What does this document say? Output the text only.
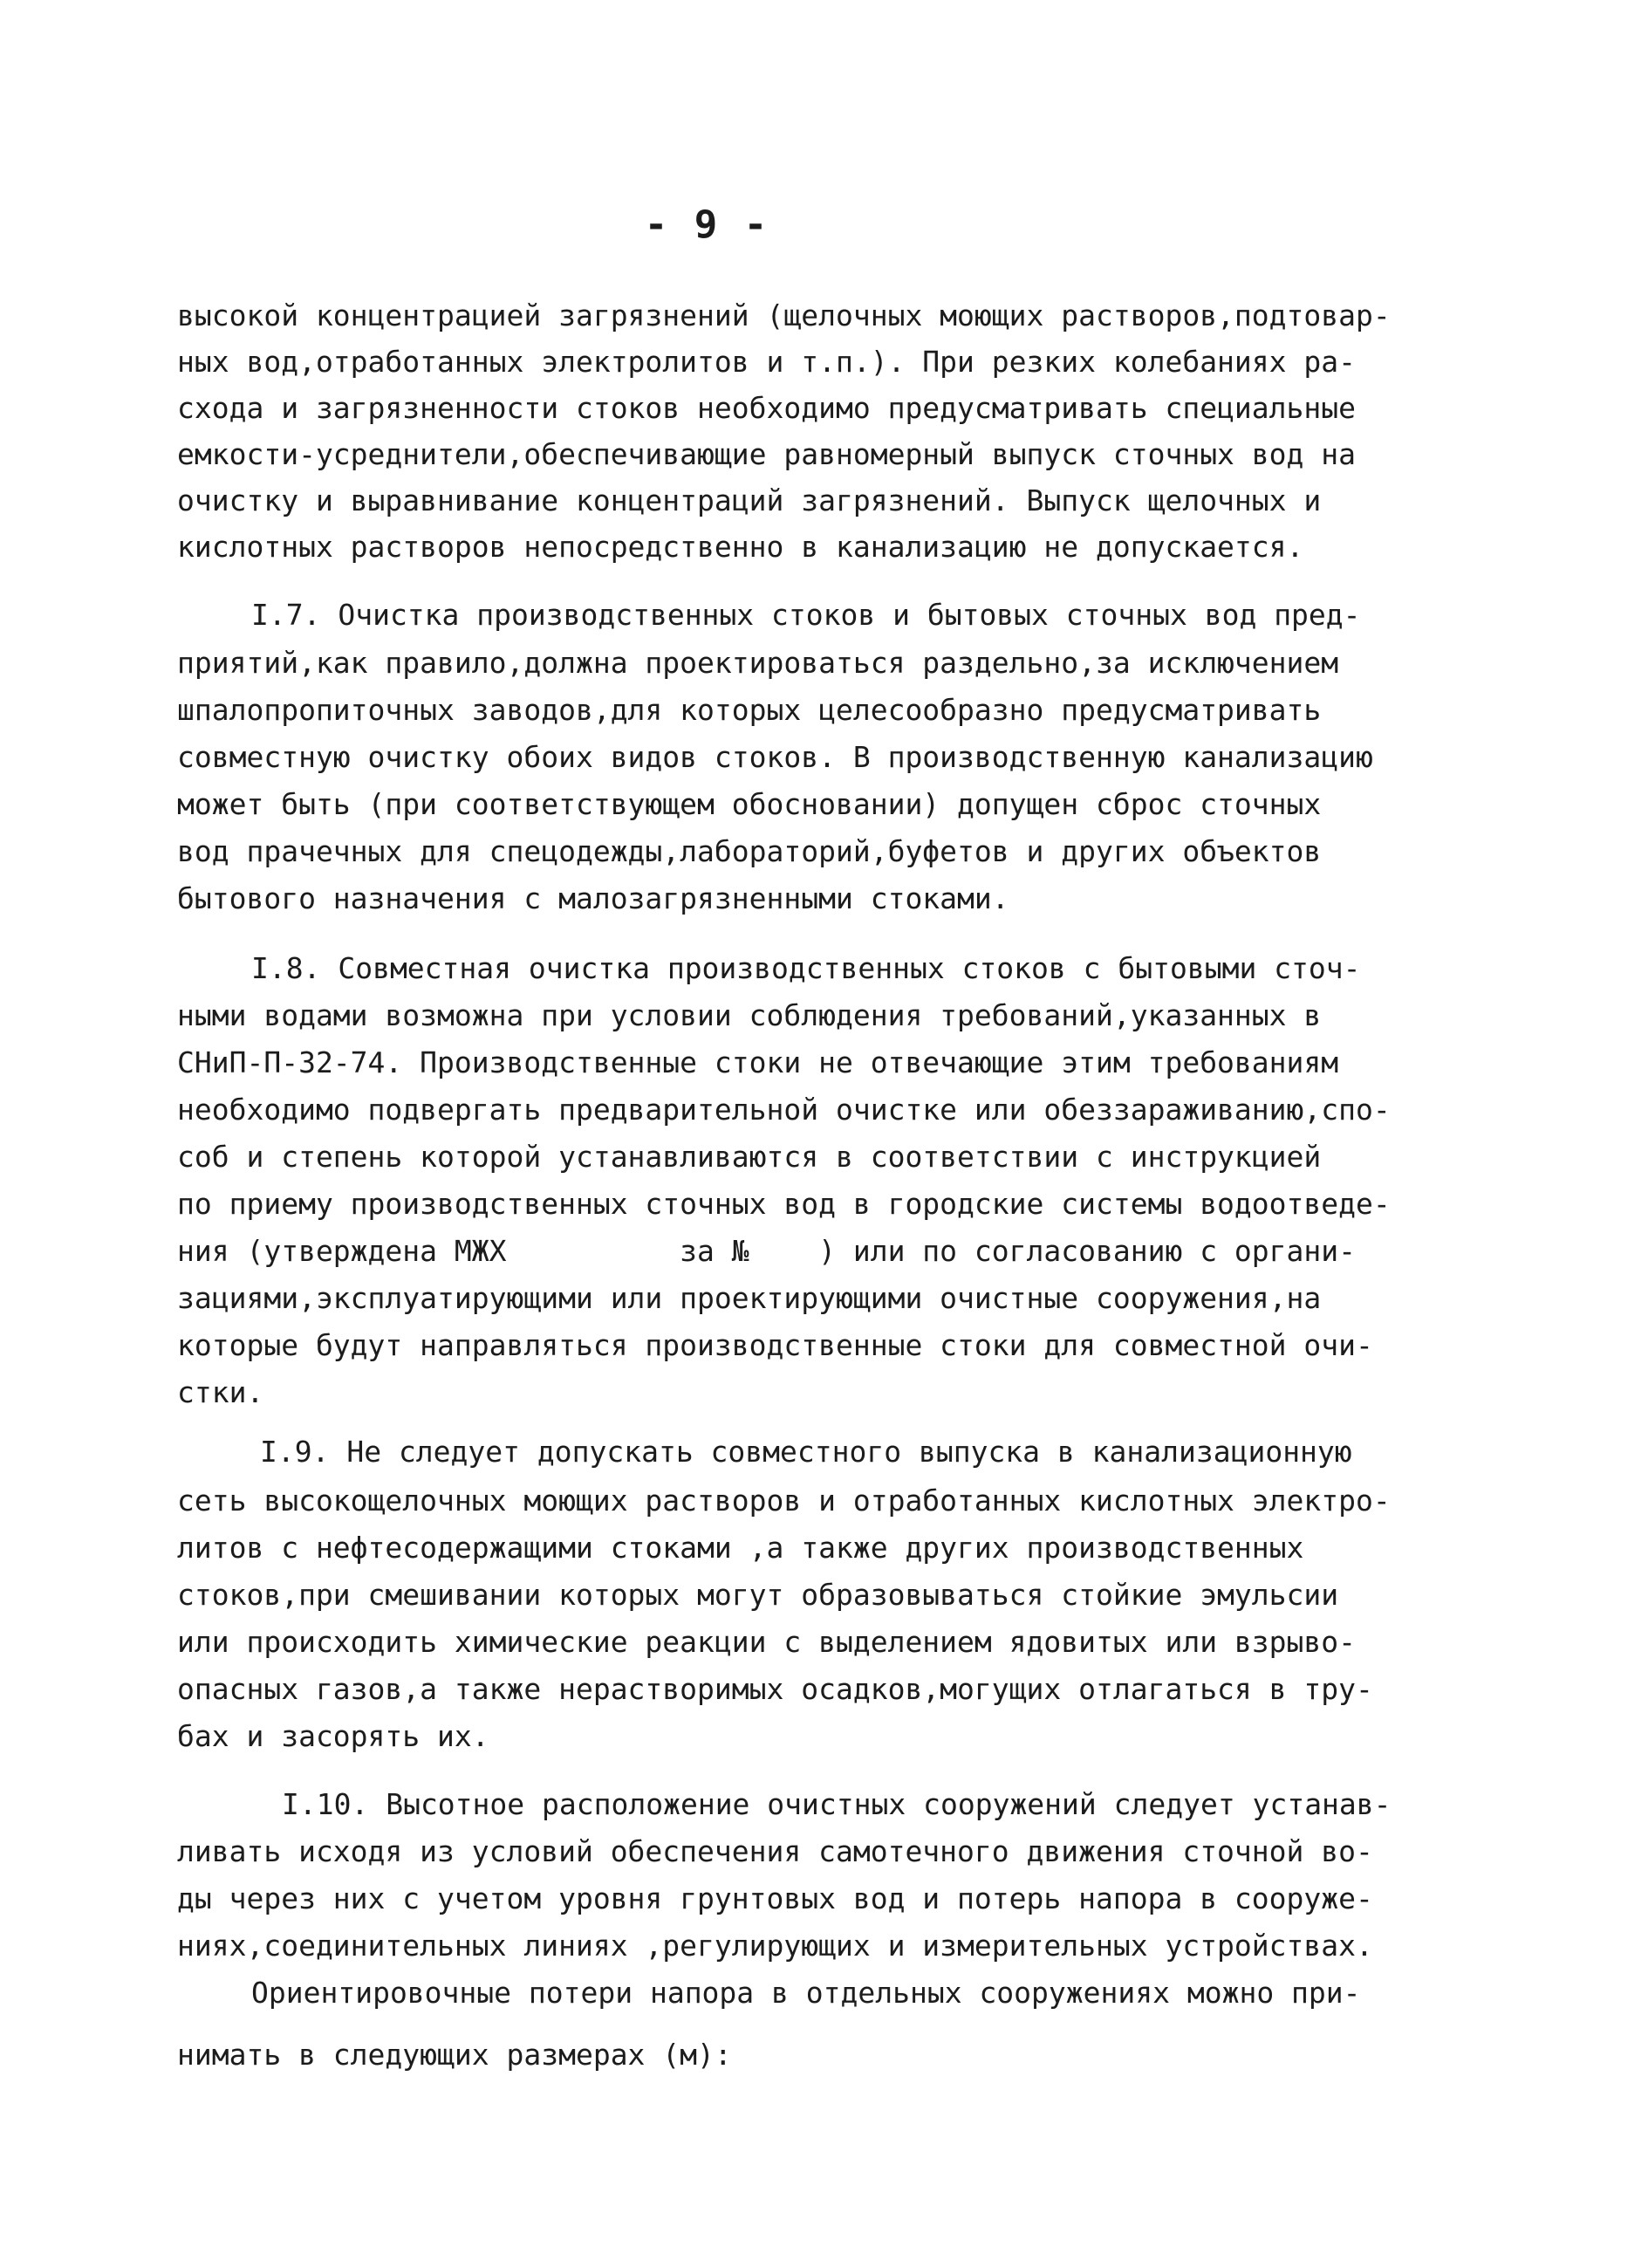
- 9 -
высокой концентрацией загрязнений (щелочных моющих растворов,подтовар-
ных вод,отработанных электролитов и т.п.). При резких колебаниях ра-
схода и загрязненности стоков необходимо предусматривать специальные
емкости-усреднители,обеспечивающие равномерный выпуск сточных вод на
очистку и выравнивание концентраций загрязнений. Выпуск щелочных и
кислотных растворов непосредственно в канализацию не допускается.
I.7. Очистка производственных стоков и бытовых сточных вод пред-
приятий,как правило,должна проектироваться раздельно,за исключением
шпалопропиточных заводов,для которых целесообразно предусматривать
совместную очистку обоих видов стоков. В производственную канализацию
может быть (при соответствующем обосновании) допущен сброс сточных
вод прачечных для спецодежды,лабораторий,буфетов и других объектов
бытового назначения с малозагрязненными стоками.
I.8. Совместная очистка производственных стоков с бытовыми сточ-
ными водами возможна при условии соблюдения требований,указанных в
СНиП-П-32-74. Производственные стоки не отвечающие этим требованиям
необходимо подвергать предварительной очистке или обеззараживанию,спо-
соб и степень которой устанавливаются в соответствии с инструкцией
по приему производственных сточных вод в городские системы водоотведе-
ния (утверждена МЖХ          за №    ) или по согласованию с органи-
зациями,эксплуатирующими или проектирующими очистные сооружения,на
которые будут направляться производственные стоки для совместной очи-
стки.
I.9. Не следует допускать совместного выпуска в канализационную
сеть высокощелочных моющих растворов и отработанных кислотных электро-
литов с нефтесодержащими стоками ,а также других производственных
стоков,при смешивании которых могут образовываться стойкие эмульсии
или происходить химические реакции с выделением ядовитых или взрыво-
опасных газов,а также нерастворимых осадков,могущих отлагаться в тру-
бах и засорять их.
I.10. Высотное расположение очистных сооружений следует устанав-
ливать исходя из условий обеспечения самотечного движения сточной во-
ды через них с учетом уровня грунтовых вод и потерь напора в сооруже-
ниях,соединительных линиях ,регулирующих и измерительных устройствах.
Ориентировочные потери напора в отдельных сооружениях можно при-
нимать в следующих размерах (м):
